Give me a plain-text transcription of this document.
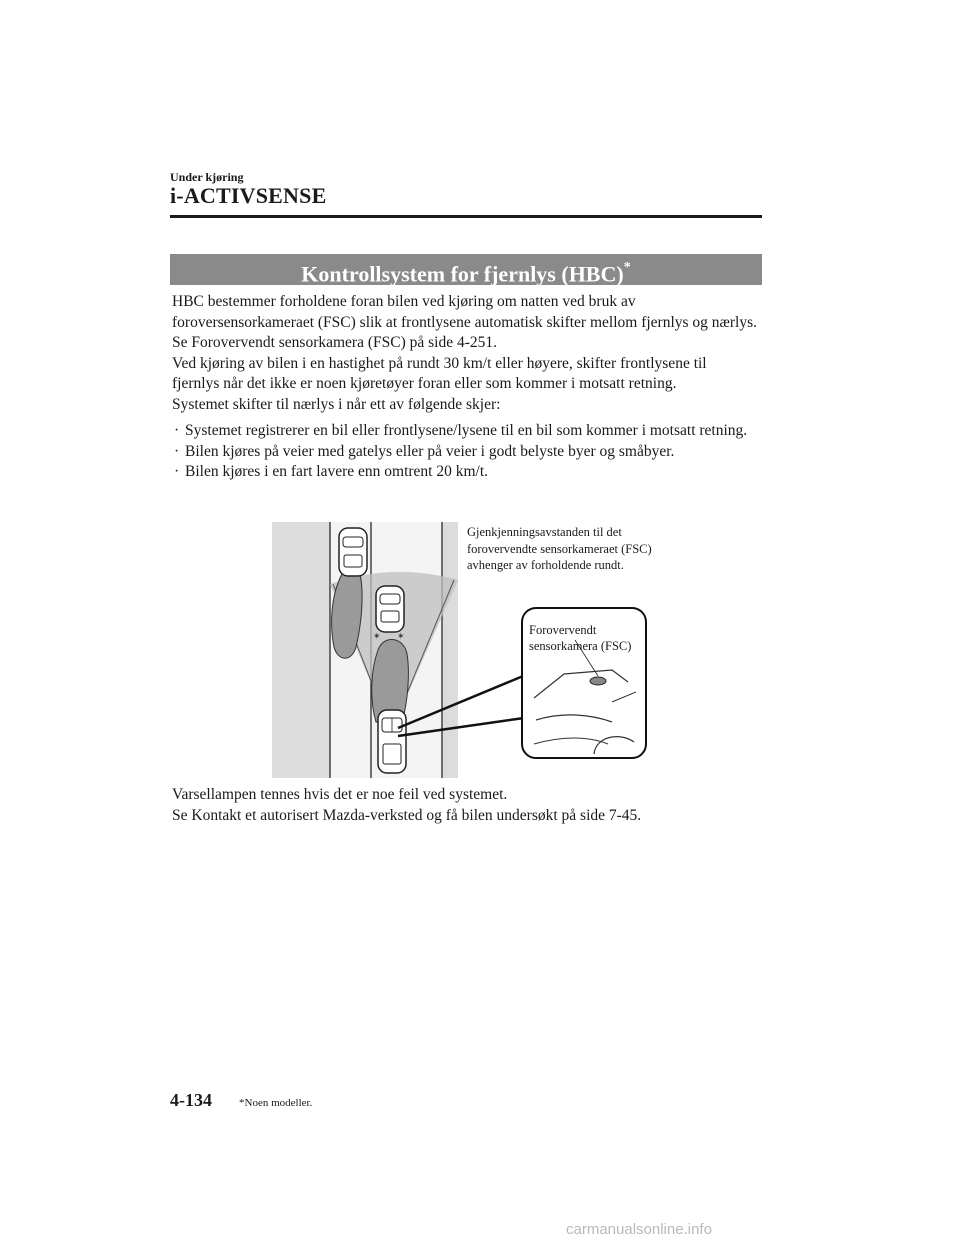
Under kjøring
i-ACTIVSENSE
Kontrollsystem for fjernlys (HBC)*

HBC bestemmer forholdene foran bilen ved kjøring om natten ved bruk av foroversensorkameraet (FSC) slik at frontlysene automatisk skifter mellom fjernlys og nærlys.

Se Forovervendt sensorkamera (FSC) på side 4-251.

Ved kjøring av bilen i en hastighet på rundt 30 km/t eller høyere, skifter frontlysene til fjernlys når det ikke er noen kjøretøyer foran eller som kommer i motsatt retning.

Systemet skifter til nærlys i når ett av følgende skjer:

· Systemet registrerer en bil eller frontlysene/lysene til en bil som kommer i motsatt retning.
· Bilen kjøres på veier med gatelys eller på veier i godt belyste byer og småbyer.
· Bilen kjøres i en fart lavere enn omtrent 20 km/t.
✶ ✶
Gjenkjenningsavstanden til det forovervendte sensorkameraet (FSC) avhenger av forholdende rundt.
Forovervendt sensorkamera (FSC)

Varsellampen tennes hvis det er noe feil ved systemet.

Se Kontakt et autorisert Mazda-verksted og få bilen undersøkt på side 7-45.

4-134 *Noen modeller.
carmanualsonline.info
